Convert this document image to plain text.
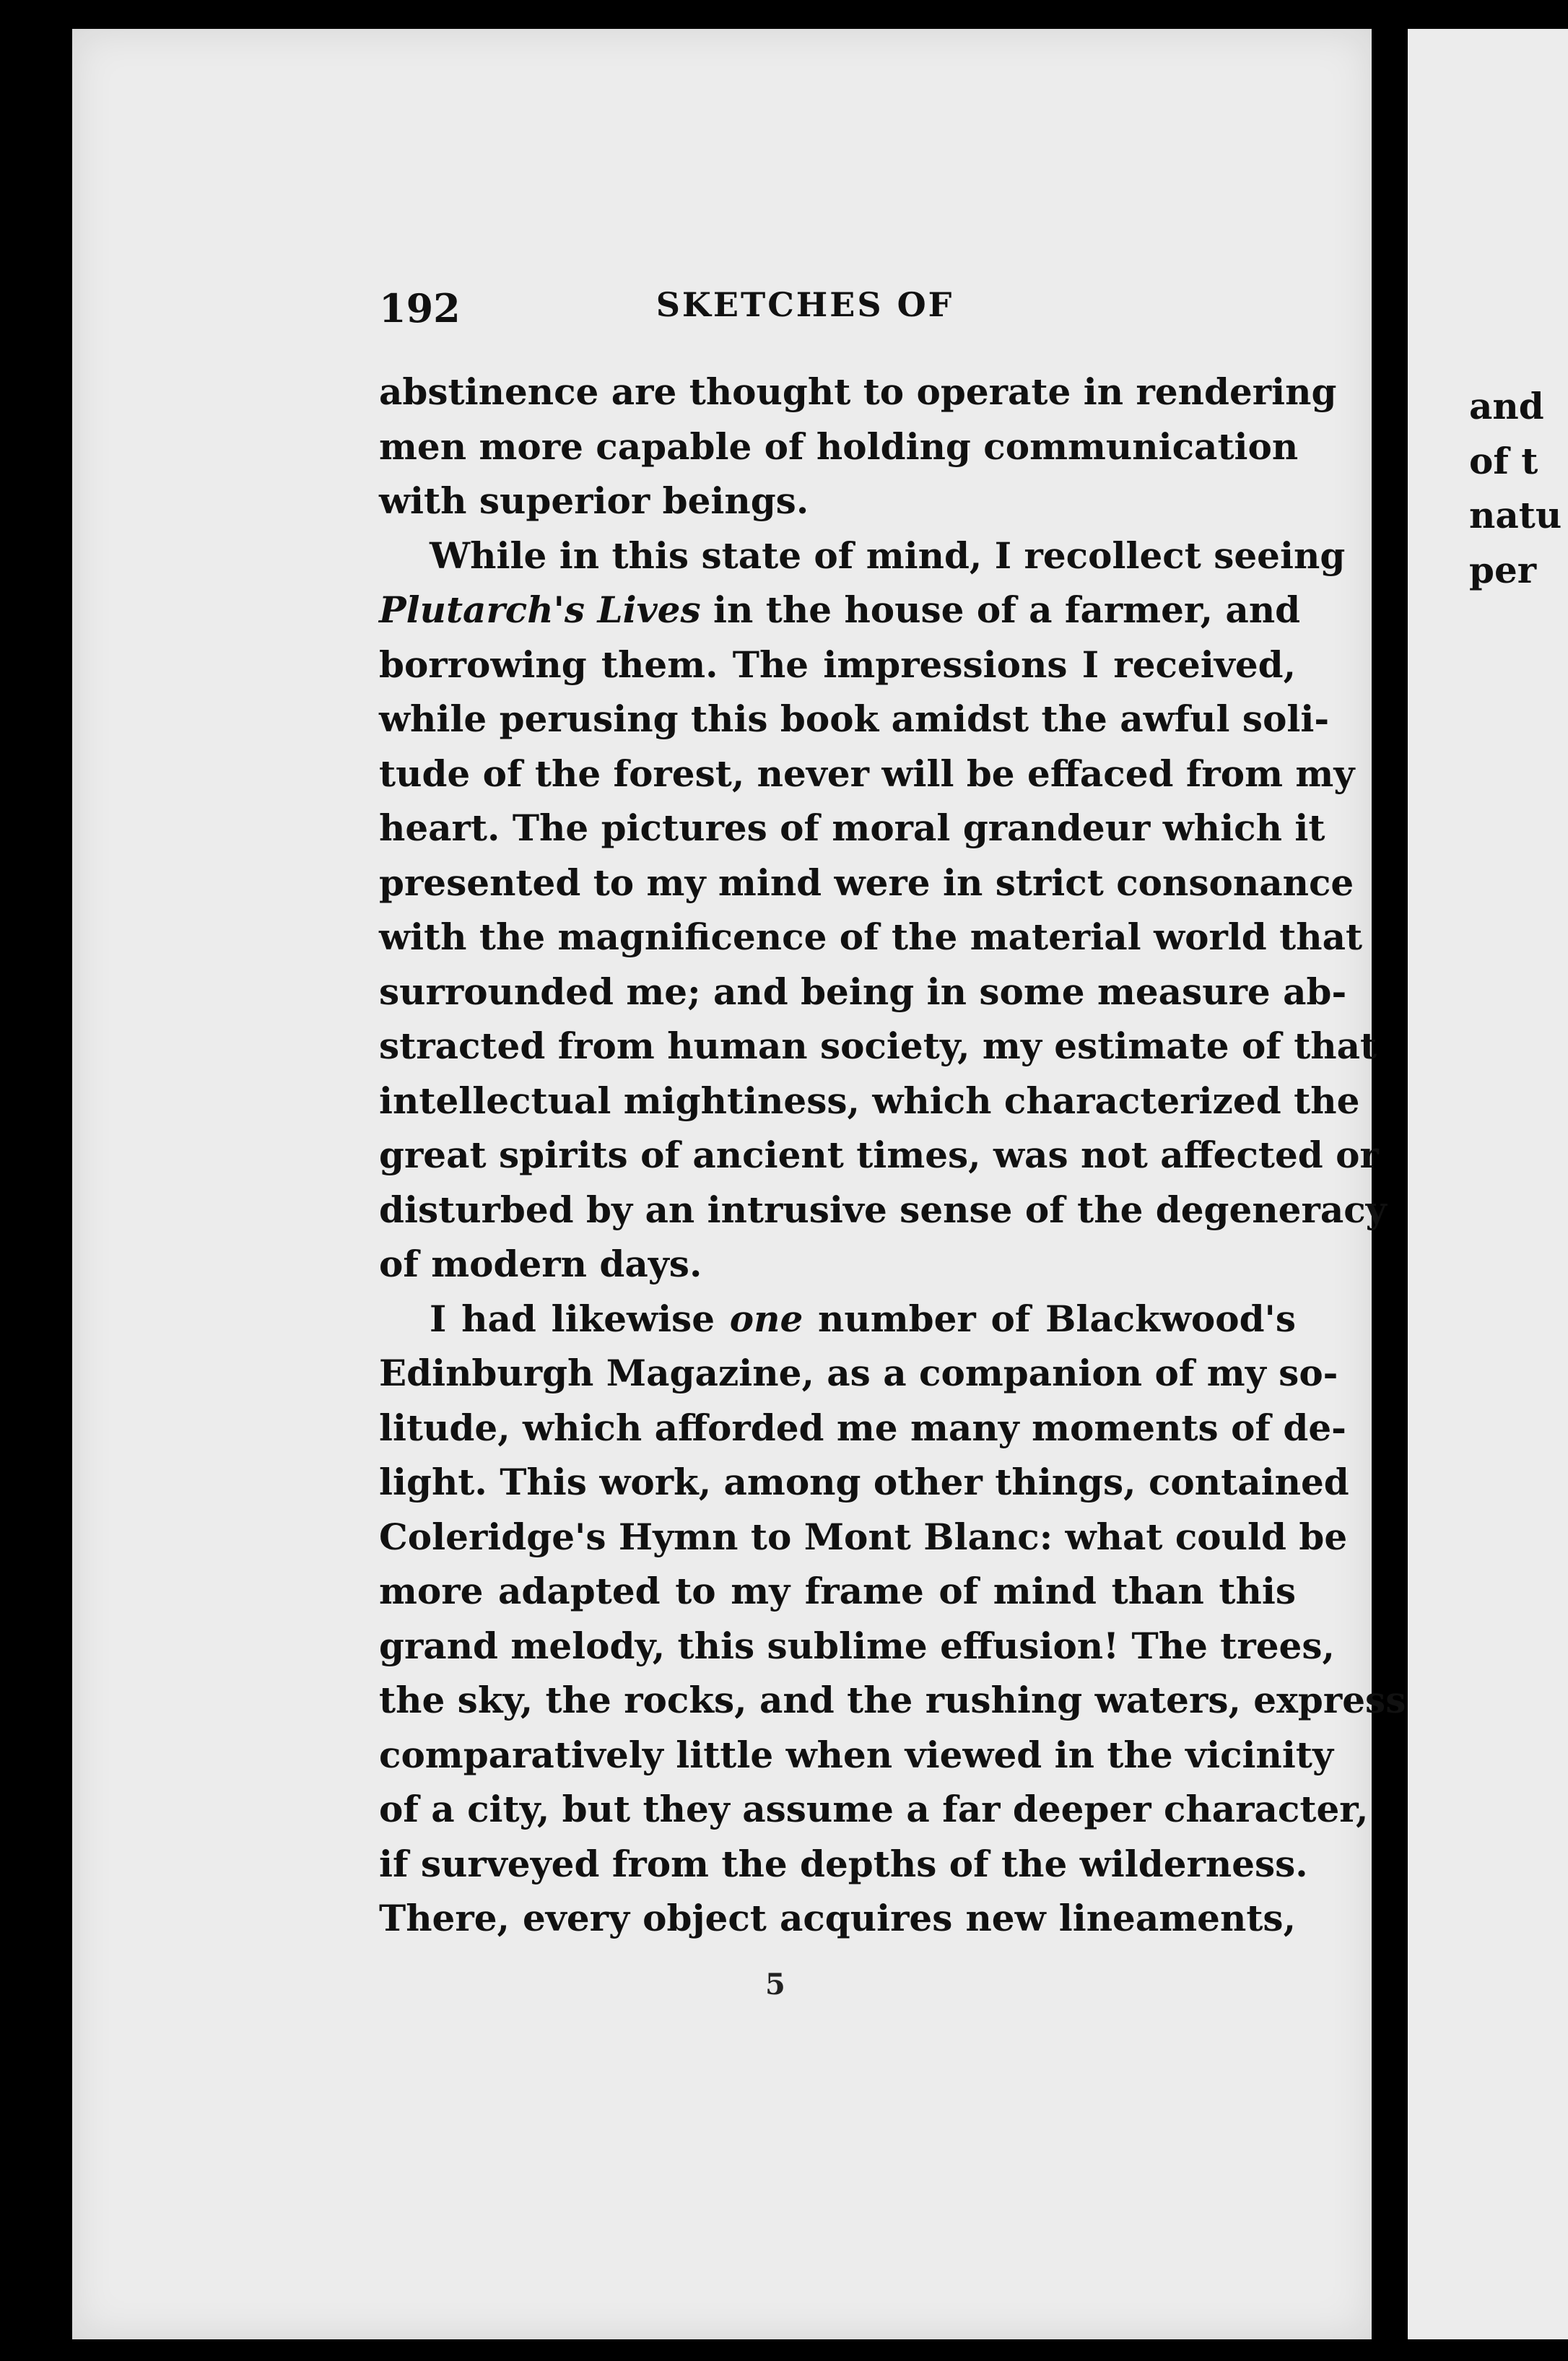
and
of t
natu
per
192	SKETCHES OF
abstinence are thought to operate in rendering
men more capable of holding communication
with superior beings.
While in this state of mind, I recollect seeing
Plutarch's Lives in the house of a farmer, and
borrowing them. The impressions I received,
while perusing this book amidst the awful soli-
tude of the forest, never will be effaced from my
heart. The pictures of moral grandeur which it
presented to my mind were in strict consonance
with the magnificence of the material world that
surrounded me; and being in some measure ab-
stracted from human society, my estimate of that
intellectual mightiness, which characterized the
great spirits of ancient times, was not affected or
disturbed by an intrusive sense of the degeneracy
of modern days.
I had likewise one number of Blackwood's
Edinburgh Magazine, as a companion of my so-
litude, which afforded me many moments of de-
light. This work, among other things, contained
Coleridge's Hymn to Mont Blanc: what could be
more adapted to my frame of mind than this
grand melody, this sublime effusion! The trees,
the sky, the rocks, and the rushing waters, express
comparatively little when viewed in the vicinity
of a city, but they assume a far deeper character,
if surveyed from the depths of the wilderness.
There, every object acquires new lineaments,
5
